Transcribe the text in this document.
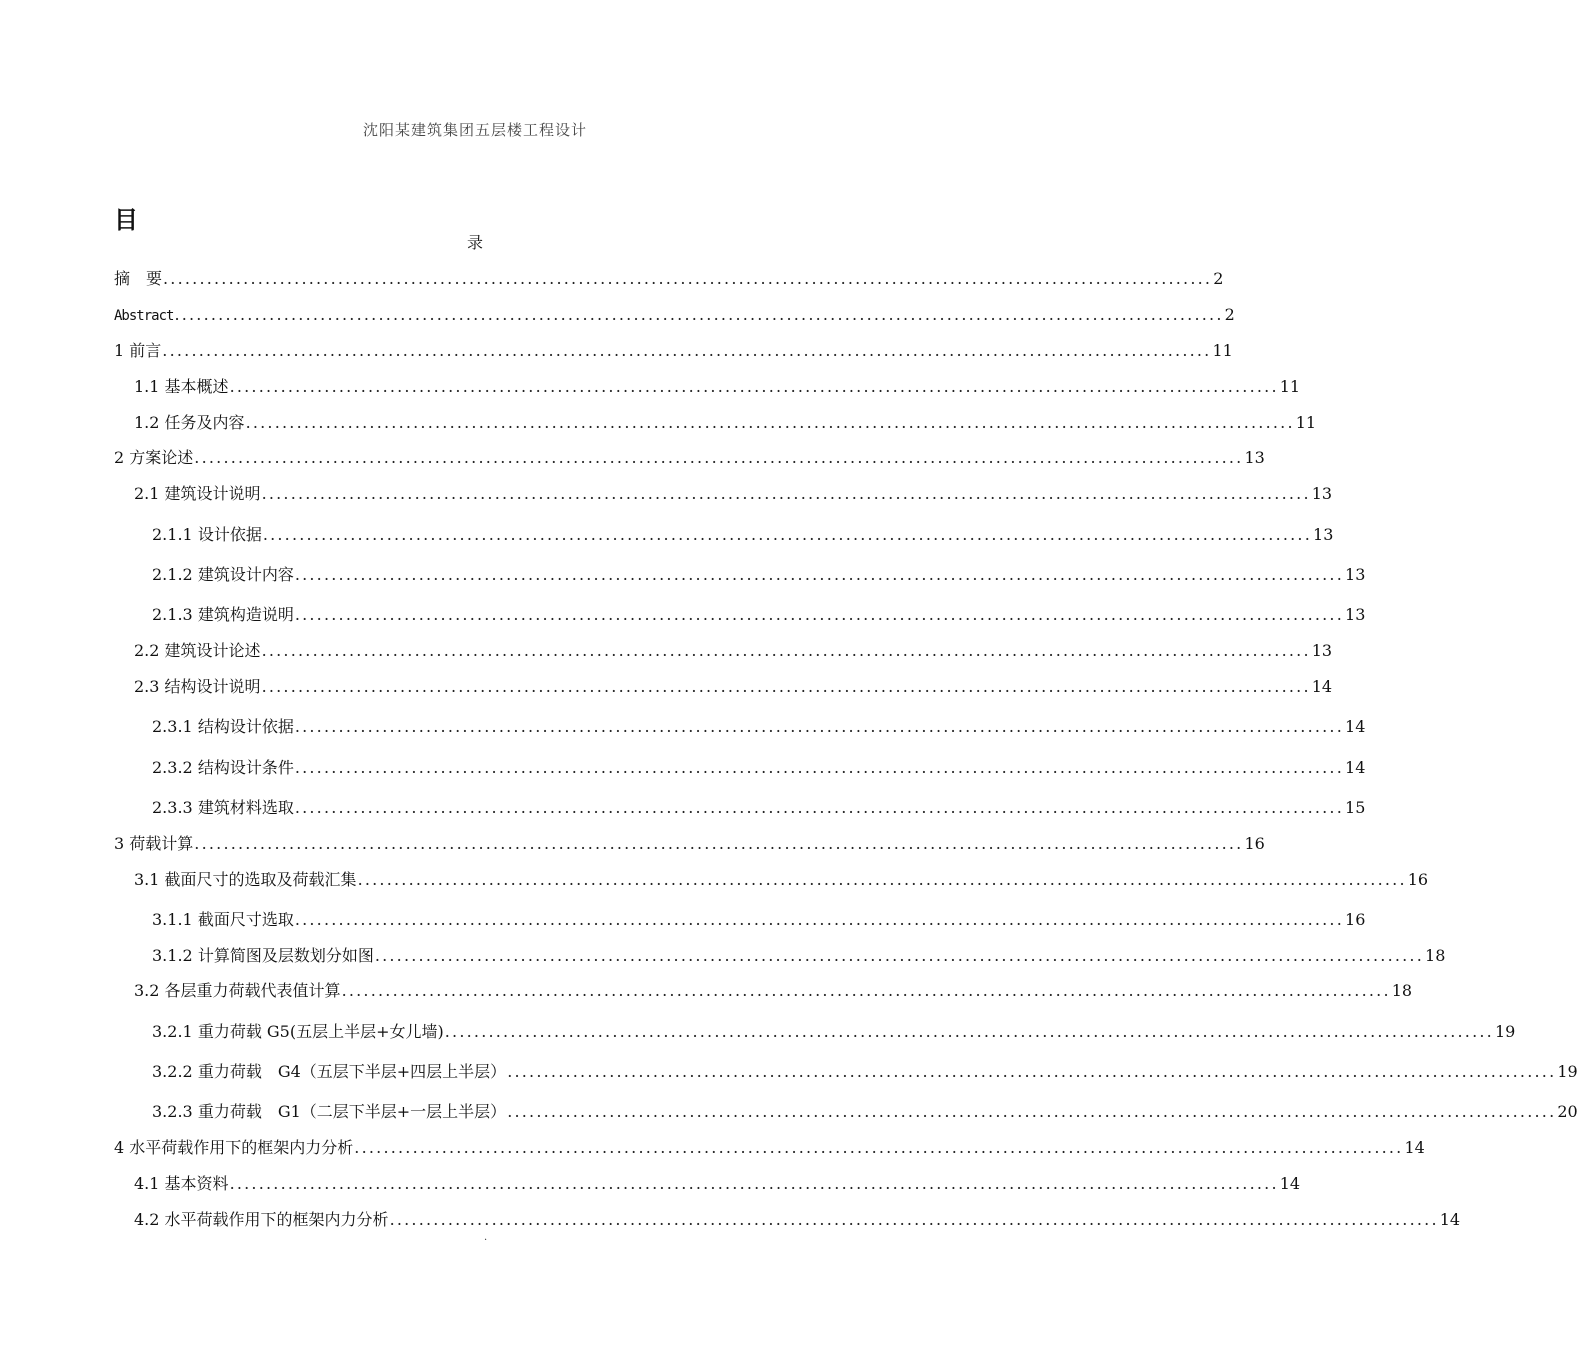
沈阳某建筑集团五层楼工程设计
目
录
摘　要 ................................................................................................................................................ 2
Abstract ................................................................................................................................................ 2
1
前言 ................................................................................................................................................ 11
1.1
基本概述 ................................................................................................................................................ 11
1.2
任务及内容 ................................................................................................................................................ 11
2
方案论述 ................................................................................................................................................ 13
2.1
建筑设计说明 ................................................................................................................................................ 13
2.1.1
设计依据 ................................................................................................................................................ 13
2.1.2
建筑设计内容 ................................................................................................................................................ 13
2.1.3
建筑构造说明 ................................................................................................................................................ 13
2.2
建筑设计论述 ................................................................................................................................................ 13
2.3
结构设计说明 ................................................................................................................................................ 14
2.3.1
结构设计依据 ................................................................................................................................................ 14
2.3.2
结构设计条件 ................................................................................................................................................ 14
2.3.3
建筑材料选取 ................................................................................................................................................ 15
3
荷载计算 ................................................................................................................................................ 16
3.1
截面尺寸的选取及荷载汇集 ................................................................................................................................................ 16
3.1.1
截面尺寸选取 ................................................................................................................................................ 16
3.1.2
计算简图及层数划分如图 ................................................................................................................................................ 18
3.2
各层重力荷载代表值计算 ................................................................................................................................................ 18
3.2.1
重力荷载 G5(五层上半层+女儿墙) ................................................................................................................................................ 19
3.2.2
重力荷载　G4（五层下半层+四层上半层） ................................................................................................................................................ 19
3.2.3
重力荷载　G1（二层下半层+一层上半层） ................................................................................................................................................ 20
4
水平荷载作用下的框架内力分析 ................................................................................................................................................ 14
4.1
基本资料 ................................................................................................................................................ 14
4.2
水平荷载作用下的框架内力分析 ................................................................................................................................................ 14
.
